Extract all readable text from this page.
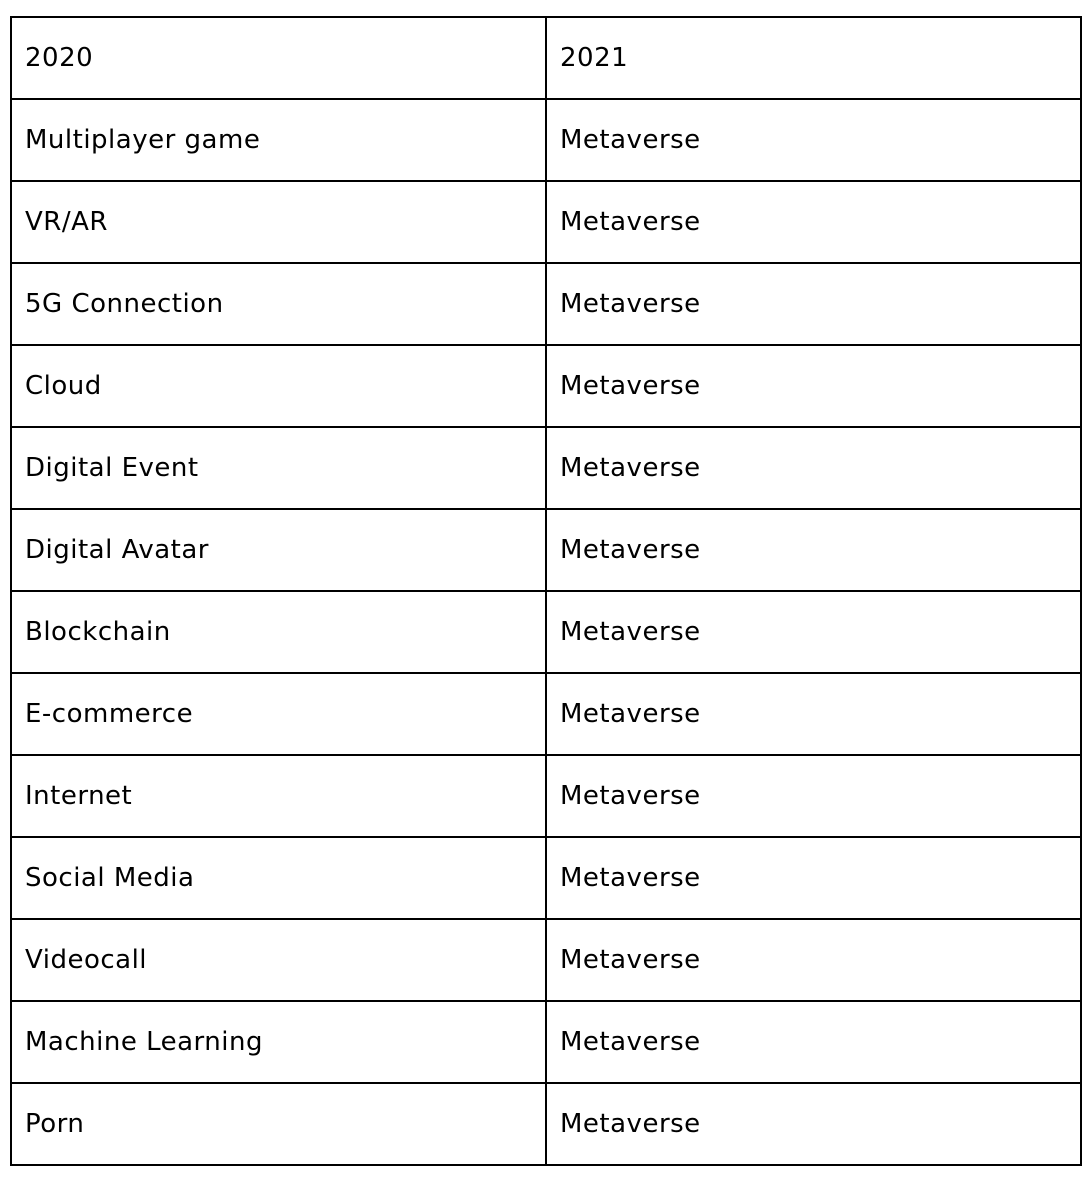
2020	2021
Multiplayer game	Metaverse
VR/AR	Metaverse
5G Connection	Metaverse
Cloud	Metaverse
Digital Event	Metaverse
Digital Avatar	Metaverse
Blockchain	Metaverse
E-commerce	Metaverse
Internet	Metaverse
Social Media	Metaverse
Videocall	Metaverse
Machine Learning	Metaverse
Porn	Metaverse
